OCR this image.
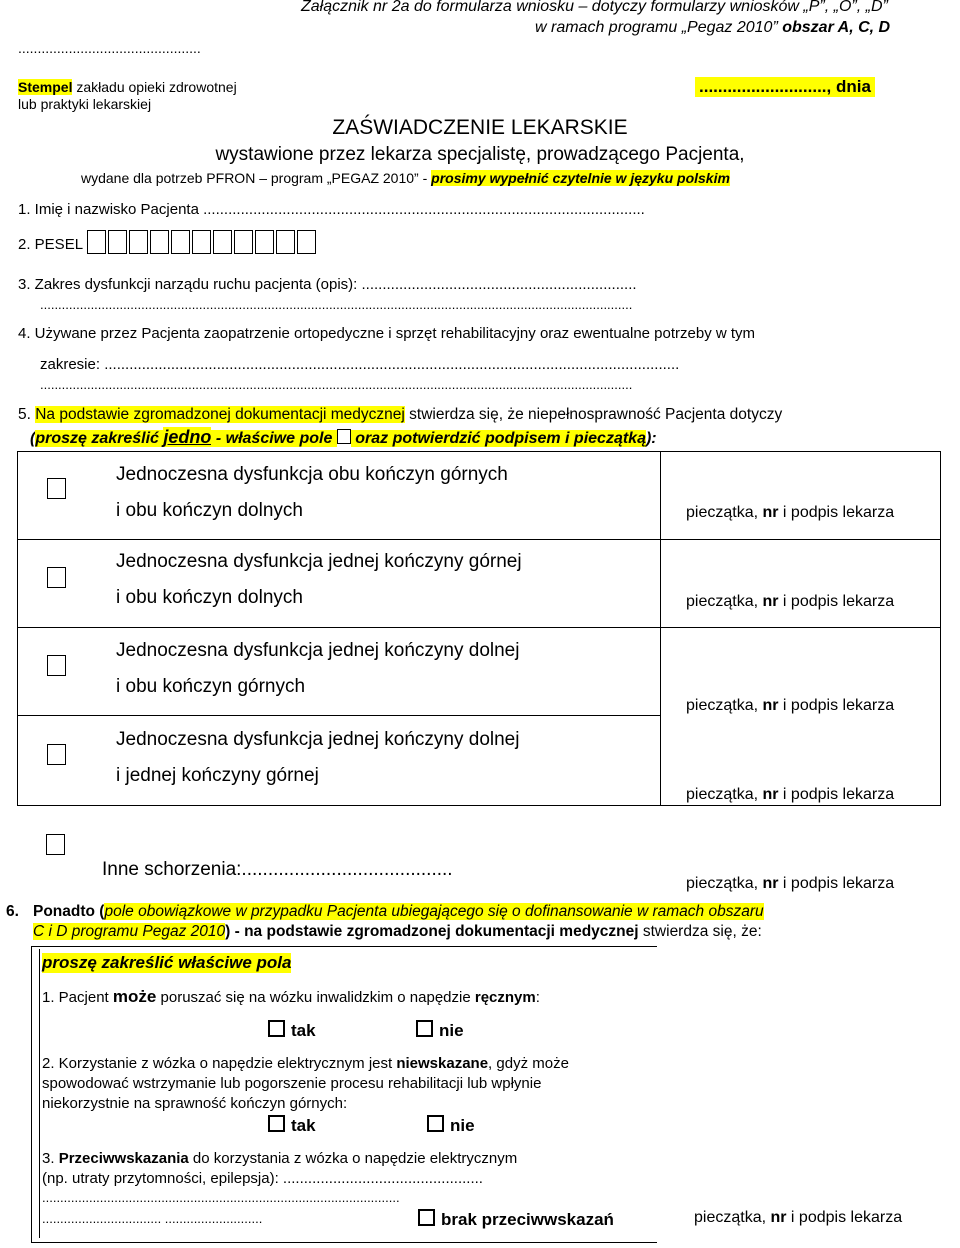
Załącznik nr 2a do formularza wniosku – dotyczy formularzy wniosków „P”, „O”, „D”
w ramach programu „Pegaz 2010” obszar A, C, D
...............................................
Stempel zakładu opieki zdrowotnej
lub praktyki lekarskiej
..........................., dnia
ZAŚWIADCZENIE LEKARSKIE
wystawione przez lekarza specjalistę, prowadzącego Pacjenta,
wydane dla potrzeb PFRON – program „PEGAZ 2010” - prosimy wypełnić czytelnie w języku polskim
1. Imię i nazwisko Pacjenta ..........................................................................................................
2. PESEL
3. Zakres dysfunkcji narządu ruchu pacjenta (opis): ..................................................................
....................................................................................................................................................................
4. Używane przez Pacjenta zaopatrzenie ortopedyczne i sprzęt rehabilitacyjny oraz ewentualne potrzeby w tym
zakresie: ..........................................................................................................................................
....................................................................................................................................................................
5. Na podstawie zgromadzonej dokumentacji medycznej stwierdza się, że niepełnosprawność Pacjenta dotyczy
(proszę zakreślić jedno - właściwe pole  oraz potwierdzić podpisem i pieczątką):
Jednoczesna dysfunkcja obu kończyn górnych
i obu kończyn dolnych	pieczątka, nr i podpis lekarza
Jednoczesna dysfunkcja jednej kończyny górnej
i obu kończyn dolnych	pieczątka, nr i podpis lekarza
Jednoczesna dysfunkcja jednej kończyny dolnej
i obu kończyn górnych
pieczątka, nr i podpis lekarza
Jednoczesna dysfunkcja jednej kończyny dolnej
i jednej kończyny górnej
pieczątka, nr i podpis lekarza
Inne schorzenia:........................................
pieczątka, nr i podpis lekarza
6. Ponadto (pole obowiązkowe w przypadku Pacjenta ubiegającego się o dofinansowanie w ramach obszaru
C i D programu Pegaz 2010) - na podstawie zgromadzonej dokumentacji medycznej stwierdza się, że:
proszę zakreślić właściwe pola
1. Pacjent może poruszać się na wózku inwalidzkim o napędzie ręcznym:
tak	nie
2. Korzystanie z wózka o napędzie elektrycznym jest niewskazane, gdyż może
spowodować wstrzymanie lub pogorszenie procesu rehabilitacji lub wpłynie
niekorzystnie na sprawność kończyn górnych:
tak	nie
3. Przeciwwskazania do korzystania z wózka o napędzie elektrycznym
(np. utraty przytomności, epilepsja): ................................................
...................................................................................................
................................. ...........................	brak przeciwwskazań	pieczątka, nr i podpis lekarza
